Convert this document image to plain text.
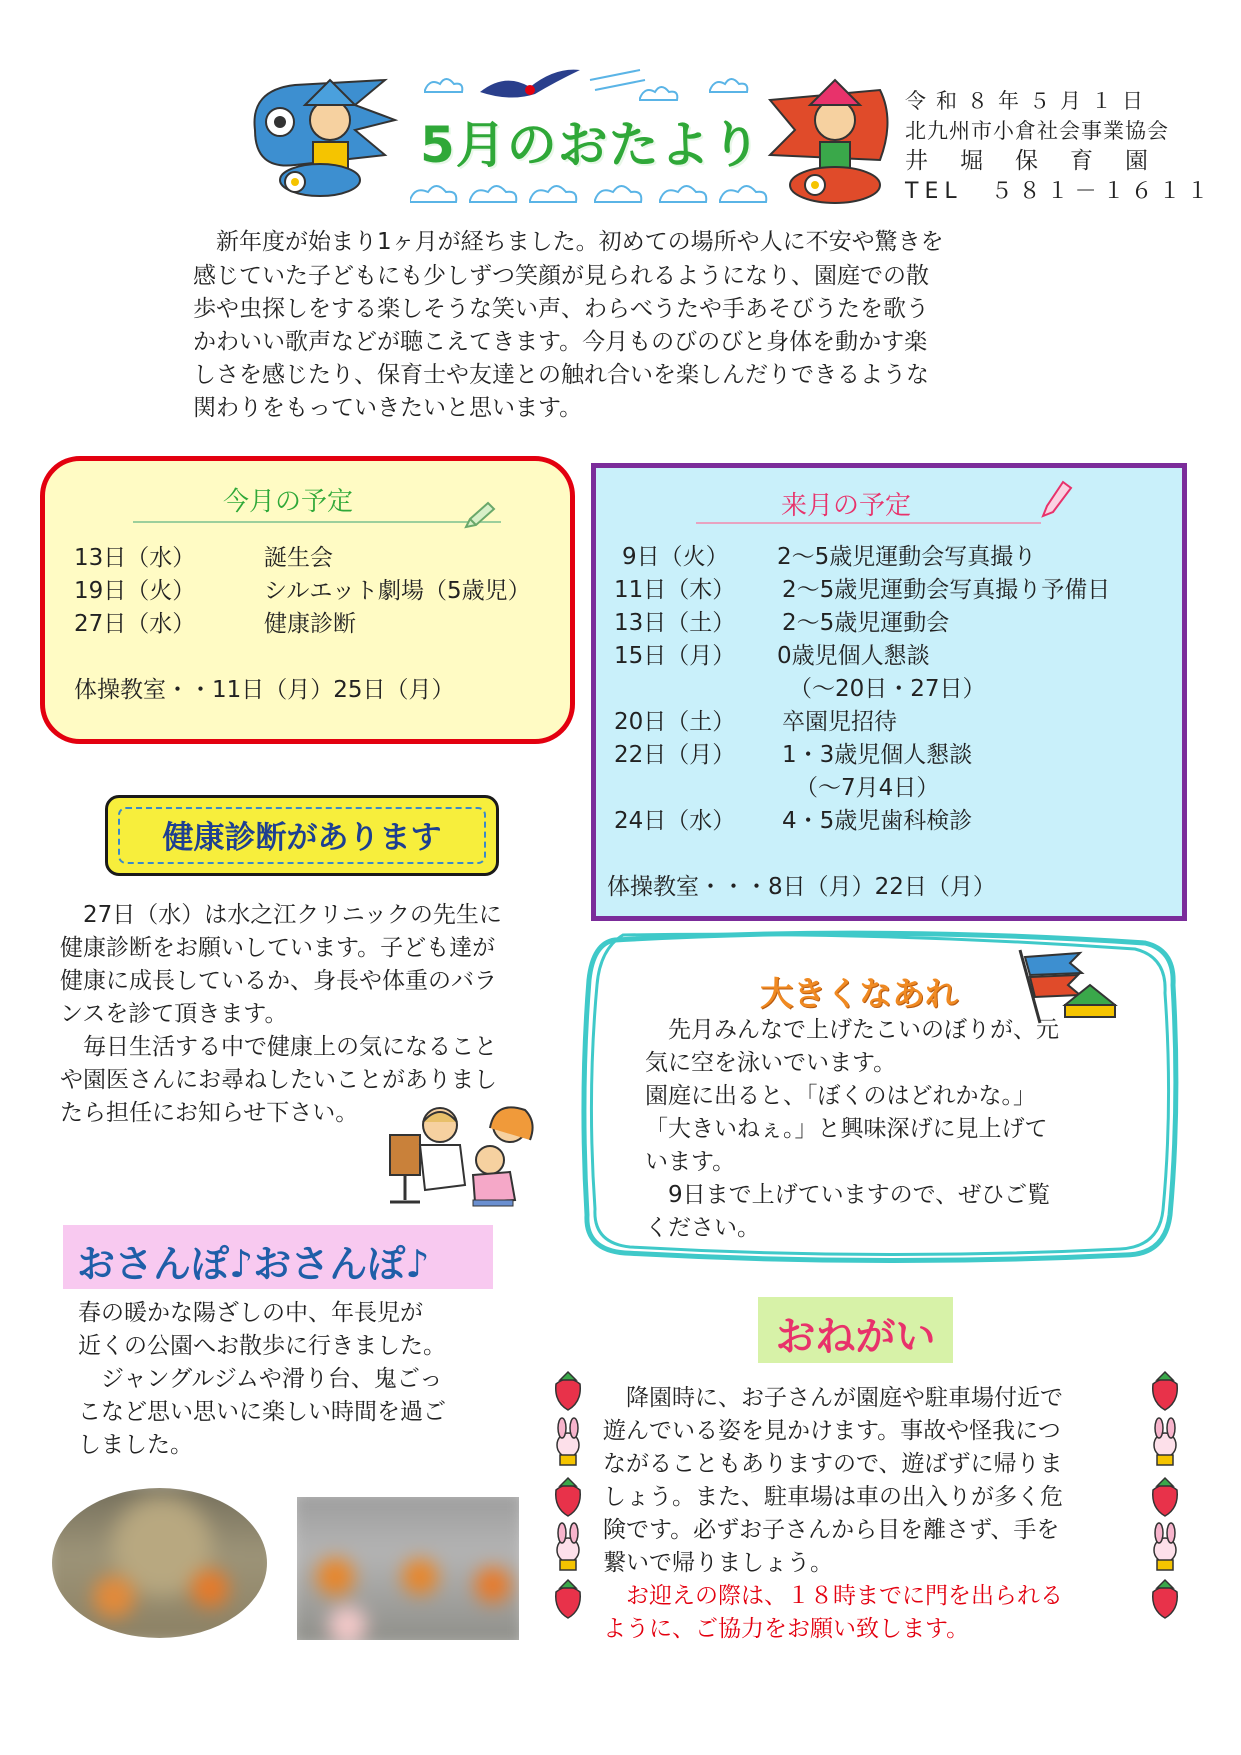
5月のおたより
令和８年５月１日
北九州市小倉社会事業協会
井堀保育園
TEL　５８１－１６１１
　新年度が始まり1ヶ月が経ちました。初めての場所や人に不安や驚きを
感じていた子どもにも少しずつ笑顔が見られるようになり、園庭での散
歩や虫探しをする楽しそうな笑い声、わらべうたや手あそびうたを歌う
かわいい歌声などが聴こえてきます。今月ものびのびと身体を動かす楽
しさを感じたり、保育士や友達との触れ合いを楽しんだりできるような
関わりをもっていきたいと思います。
今月の予定
13日（水）	誕生会
19日（火）	シルエット劇場（5歳児）
27日（水）	健康診断
体操教室・・11日（月）25日（月）
来月の予定
9日（火） 2～5歳児運動会写真撮り
11日（木） 2～5歳児運動会写真撮り予備日
13日（土） 2～5歳児運動会
15日（月） 0歳児個人懇談
（～20日・27日）
20日（土） 卒園児招待
22日（月） 1・3歳児個人懇談
（～7月4日）
24日（水） 4・5歳児歯科検診
体操教室・・・8日（月）22日（月）
健康診断があります
　27日（水）は水之江クリニックの先生に
健康診断をお願いしています。子ども達が
健康に成長しているか、身長や体重のバラ
ンスを診て頂きます。
　毎日生活する中で健康上の気になること
や園医さんにお尋ねしたいことがありまし
たら担任にお知らせ下さい。
おさんぽ♪おさんぽ♪
春の暖かな陽ざしの中、年長児が
近くの公園へお散歩に行きました。
　ジャングルジムや滑り台、鬼ごっ
こなど思い思いに楽しい時間を過ご
しました。
大きくなあれ
　先月みんなで上げたこいのぼりが、元
気に空を泳いでいます。
園庭に出ると、「ぼくのはどれかな。」
「大きいねぇ。」と興味深げに見上げて
います。
　9日まで上げていますので、ぜひご覧
ください。
おねがい
　降園時に、お子さんが園庭や駐車場付近で
遊んでいる姿を見かけます。事故や怪我につ
ながることもありますので、遊ばずに帰りま
しょう。また、駐車場は車の出入りが多く危
険です。必ずお子さんから目を離さず、手を
繋いで帰りましょう。
　お迎えの際は、１８時までに門を出られる
ように、ご協力をお願い致します。
